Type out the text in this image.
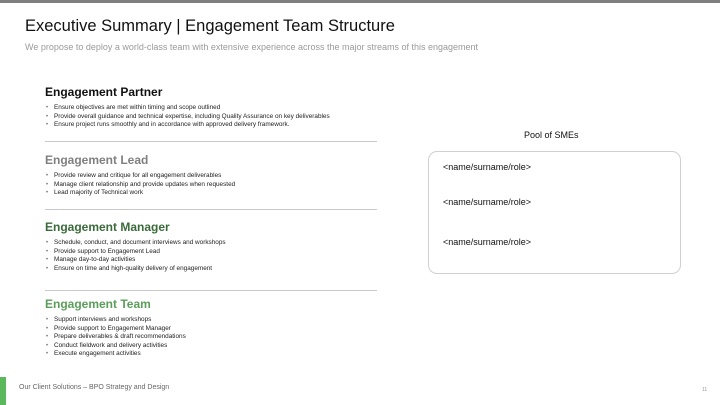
Executive Summary | Engagement Team Structure
We propose to deploy a world-class team with extensive experience across the major streams of this engagement
Engagement Partner
• Ensure objectives are met within timing and scope outlined
• Provide overall guidance and technical expertise, including Quality Assurance on key deliverables
• Ensure project runs smoothly and in accordance with approved delivery framework.
Engagement Lead
• Provide review and critique for all engagement deliverables
• Manage client relationship and provide updates when requested
• Lead majority of Technical work
Engagement Manager
• Schedule, conduct, and document interviews and workshops
• Provide support to Engagement Lead
• Manage day-to-day activities
• Ensure on time and high-quality delivery of engagement
Engagement Team
• Support interviews and workshops
• Provide support to Engagement Manager
• Prepare deliverables & draft recommendations
• Conduct fieldwork and delivery activities
• Execute engagement activities
Pool of SMEs
<name/surname/role>
<name/surname/role>
<name/surname/role>
Our Client Solutions – BPO Strategy and Design	11
